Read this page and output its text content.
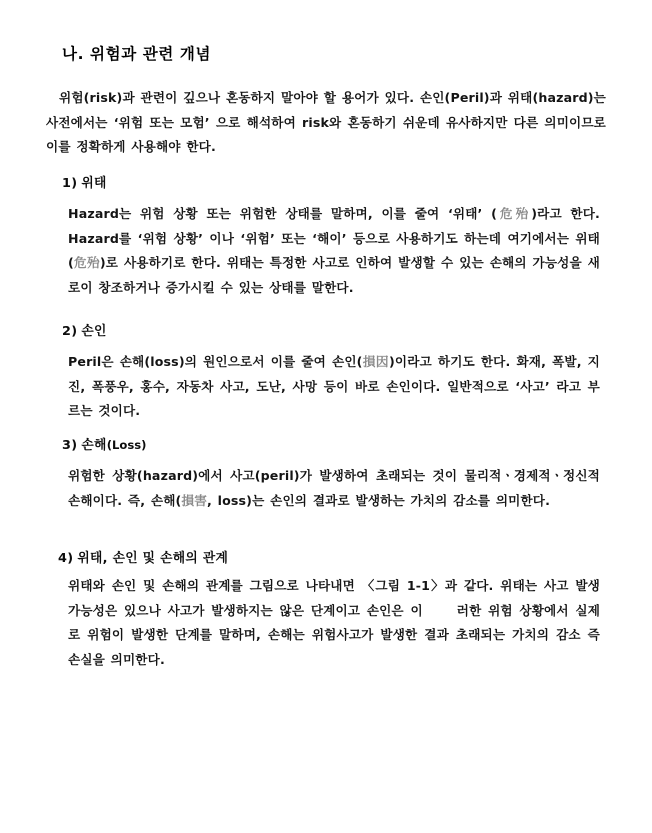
나. 위험과 관련 개념
위험(risk)과 관련이 깊으나 혼동하지 말아야 할 용어가 있다. 손인(Peril)과 위태(hazard)는 사전에서는 ‘위험 또는 모험’ 으로 해석하여 risk와 혼동하기 쉬운데 유사하지만 다른 의미이므로 이를 정확하게 사용해야 한다.
1) 위태
Hazard는 위험 상황 또는 위험한 상태를 말하며, 이를 줄여 ‘위태’ (危殆)라고 한다. Hazard를 ‘위험 상황’ 이나 ‘위험’ 또는 ‘해이’ 등으로 사용하기도 하는데 여기에서는 위태(危殆)로 사용하기로 한다. 위태는 특정한 사고로 인하여 발생할 수 있는 손해의 가능성을 새로이 창조하거나 증가시킬 수 있는 상태를 말한다.
2) 손인
Peril은 손해(loss)의 원인으로서 이를 줄여 손인(損因)이라고 하기도 한다. 화재, 폭발, 지진, 폭풍우, 홍수, 자동차 사고, 도난, 사망 등이 바로 손인이다. 일반적으로 ‘사고’ 라고 부르는 것이다.
3) 손해(Loss)
위험한 상황(hazard)에서 사고(peril)가 발생하여 초래되는 것이 물리적ㆍ경제적ㆍ정신적 손해이다. 즉, 손해(損害, loss)는 손인의 결과로 발생하는 가치의 감소를 의미한다.
4) 위태, 손인 및 손해의 관계
위태와 손인 및 손해의 관계를 그림으로 나타내면 〈그림 1-1〉과 같다. 위태는 사고 발생 가능성은 있으나 사고가 발생하지는 않은 단계이고 손인은 이	러한 위험 상황에서 실제로 위험이 발생한 단계를 말하며, 손해는 위험사고가 발생한 결과 초래되는 가치의 감소 즉 손실을 의미한다.
